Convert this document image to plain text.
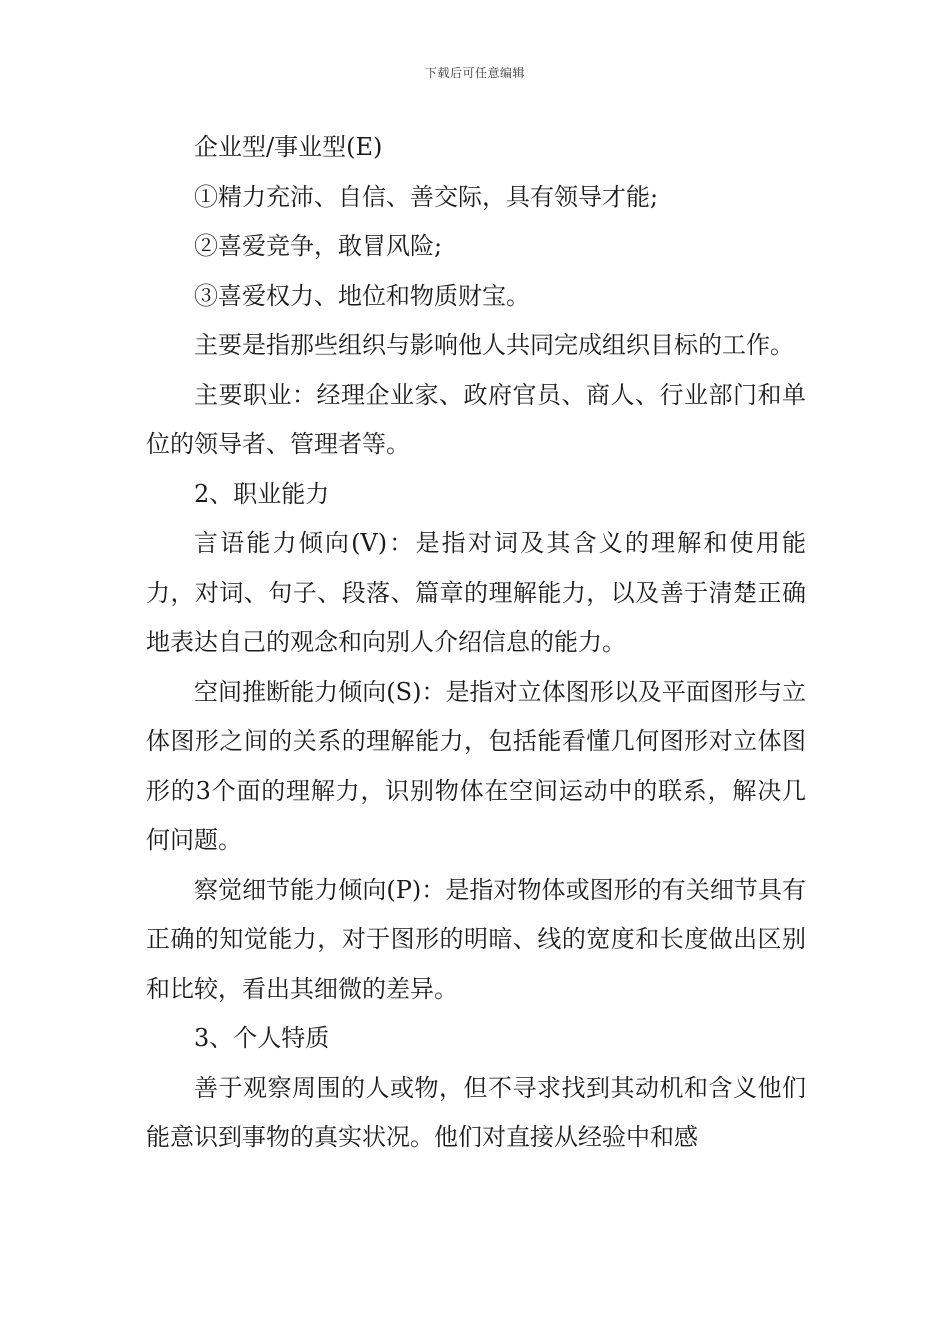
下载后可任意编辑

企业型/事业型(E)

①精力充沛、自信、善交际，具有领导才能;

②喜爱竞争，敢冒风险;

③喜爱权力、地位和物质财宝。

主要是指那些组织与影响他人共同完成组织目标的工作。

主要职业：经理企业家、政府官员、商人、行业部门和单位的领导者、管理者等。

2、职业能力

言语能力倾向(V)：是指对词及其含义的理解和使用能力，对词、句子、段落、篇章的理解能力，以及善于清楚正确地表达自己的观念和向别人介绍信息的能力。

空间推断能力倾向(S)：是指对立体图形以及平面图形与立体图形之间的关系的理解能力，包括能看懂几何图形对立体图形的3个面的理解力，识别物体在空间运动中的联系，解决几何问题。

察觉细节能力倾向(P)：是指对物体或图形的有关细节具有正确的知觉能力，对于图形的明暗、线的宽度和长度做出区别和比较，看出其细微的差异。

3、个人特质

善于观察周围的人或物，但不寻求找到其动机和含义他们能意识到事物的真实状况。他们对直接从经验中和感
